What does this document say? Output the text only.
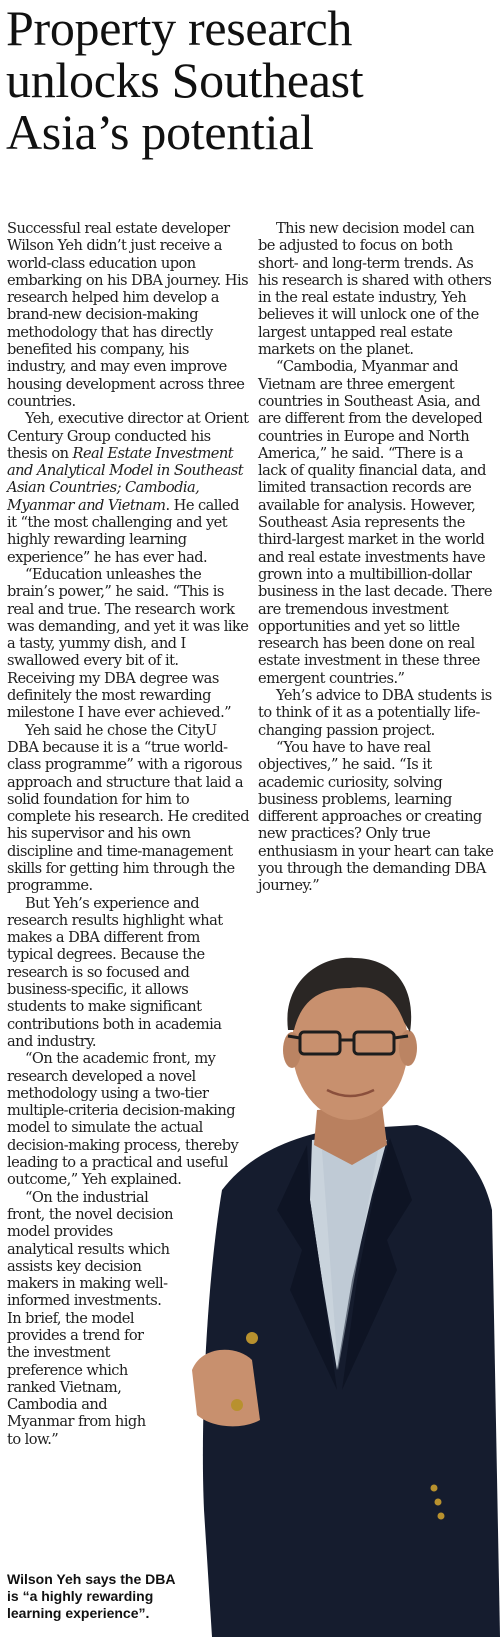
Property research unlocks Southeast Asia’s potential

Successful real estate developer Wilson Yeh didn’t just receive a world-class education upon embarking on his DBA journey. His research helped him develop a brand-new decision-making methodology that has directly benefited his company, his industry, and may even improve housing development across three countries.

Yeh, executive director at Orient Century Group conducted his thesis on Real Estate Investment and Analytical Model in Southeast Asian Countries; Cambodia, Myanmar and Vietnam. He called it “the most challenging and yet highly rewarding learning experience” he has ever had.

“Education unleashes the brain’s power,” he said. “This is real and true. The research work was demanding, and yet it was like a tasty, yummy dish, and I swallowed every bit of it. Receiving my DBA degree was definitely the most rewarding milestone I have ever achieved.”

Yeh said he chose the CityU DBA because it is a “true world-class programme” with a rigorous approach and structure that laid a solid foundation for him to complete his research. He credited his supervisor and his own discipline and time-management skills for getting him through the programme.

But Yeh’s experience and research results highlight what makes a DBA different from typical degrees. Because the research is so focused and business-specific, it allows students to make significant contributions both in academia and industry.

“On the academic front, my research developed a novel methodology using a two-tier multiple-criteria decision-making model to simulate the actual decision-making process, thereby leading to a practical and useful outcome,” Yeh explained.

“On the industrial front, the novel decision model provides analytical results which assists key decision makers in making well-informed investments.

In brief, the model provides a trend for the investment preference which ranked Vietnam, Cambodia and Myanmar from high to low.”

This new decision model can be adjusted to focus on both short- and long-term trends. As his research is shared with others in the real estate industry, Yeh believes it will unlock one of the largest untapped real estate markets on the planet.

“Cambodia, Myanmar and Vietnam are three emergent countries in Southeast Asia, and are different from the developed countries in Europe and North America,” he said. “There is a lack of quality financial data, and limited transaction records are available for analysis. However, Southeast Asia represents the third-largest market in the world and real estate investments have grown into a multibillion-dollar business in the last decade. There are tremendous investment opportunities and yet so little research has been done on real estate investment in these three emergent countries.”

Yeh’s advice to DBA students is to think of it as a potentially life-changing passion project.

“You have to have real objectives,” he said. “Is it academic curiosity, solving business problems, learning different approaches or creating new practices? Only true enthusiasm in your heart can take you through the demanding DBA journey.”

Wilson Yeh says the DBA is “a highly rewarding learning experience”.
